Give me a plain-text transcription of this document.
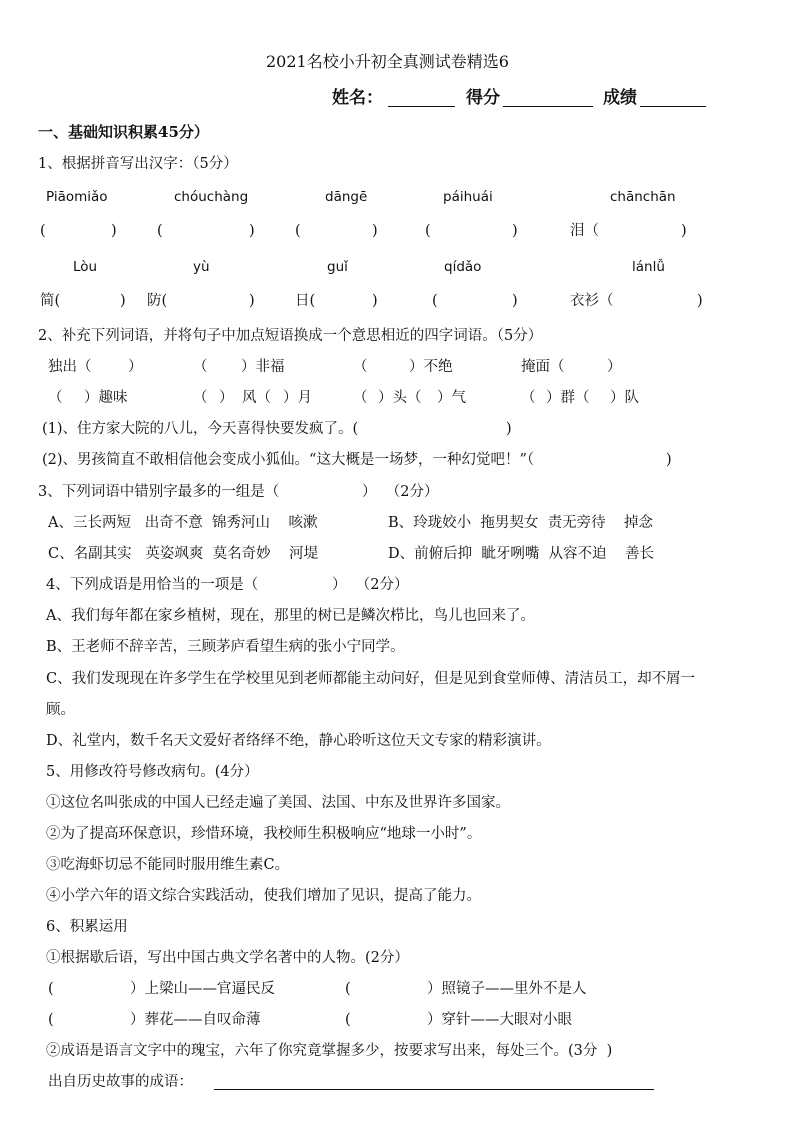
2021名校小升初全真测试卷精选6
姓名：	得分	成绩
一、基础知识积累45分）
1、根据拼音写出汉字：（5分）
Piāomiǎo	chóuchàng	dāngē	páihuái	chānchān
(	)	(	)	(	)	(	)	泪（	)
Lòu	yù	guǐ	qídǎo	lánlǚ
简(	) 防(	)	日(	)	(	)	衣衫（	)
2、补充下列词语，并将句子中加点短语换成一个意思相近的四字词语。（5分）
独出（	）	（ ）非福	（	）不绝	掩面（	）
（ ）趣味	（ ） 风（ ）月	（ ）头（ ）气	（ ）群（ ）队
(1)、住方家大院的八儿，今天喜得快要发疯了。(	)
(2)、男孩简直不敢相信他会变成小狐仙。“这大概是一场梦，一种幻觉吧！”（	)
3、下列词语中错别字最多的一组是（	）  （2分）
A、三长两短   出奇不意  锦秀河山    咳漱	B、玲珑姣小  拖男契女  责无旁待    掉念
C、名副其实   英姿飒爽  莫名奇妙    河堤	D、前俯后抑  眦牙咧嘴  从容不迫    善长
4、下列成语是用恰当的一项是（	）  （2分）
A、我们每年都在家乡植树，现在，那里的树已是鳞次栉比，鸟儿也回来了。
B、王老师不辞辛苦，三顾茅庐看望生病的张小宁同学。
C、我们发现现在许多学生在学校里见到老师都能主动问好，但是见到食堂师傅、清洁员工，却不屑一
顾。
D、礼堂内，数千名天文爱好者络绎不绝，静心聆听这位天文专家的精彩演讲。
5、用修改符号修改病句。(4分）
①这位名叫张成的中国人已经走遍了美国、法国、中东及世界许多国家。
②为了提高环保意识，珍惜环境，我校师生积极响应“地球一小时”。
③吃海虾切忌不能同时服用维生素C。
④小学六年的语文综合实践活动，使我们增加了见识，提高了能力。
6、积累运用
①根据歇后语，写出中国古典文学名著中的人物。(2分）
(	）上梁山——官逼民反	(	）照镜子——里外不是人
(	）葬花——自叹命薄	(	）穿针——大眼对小眼
②成语是语言文字中的瑰宝，六年了你究竟掌握多少，按要求写出来，每处三个。(3分  )
出自历史故事的成语：
